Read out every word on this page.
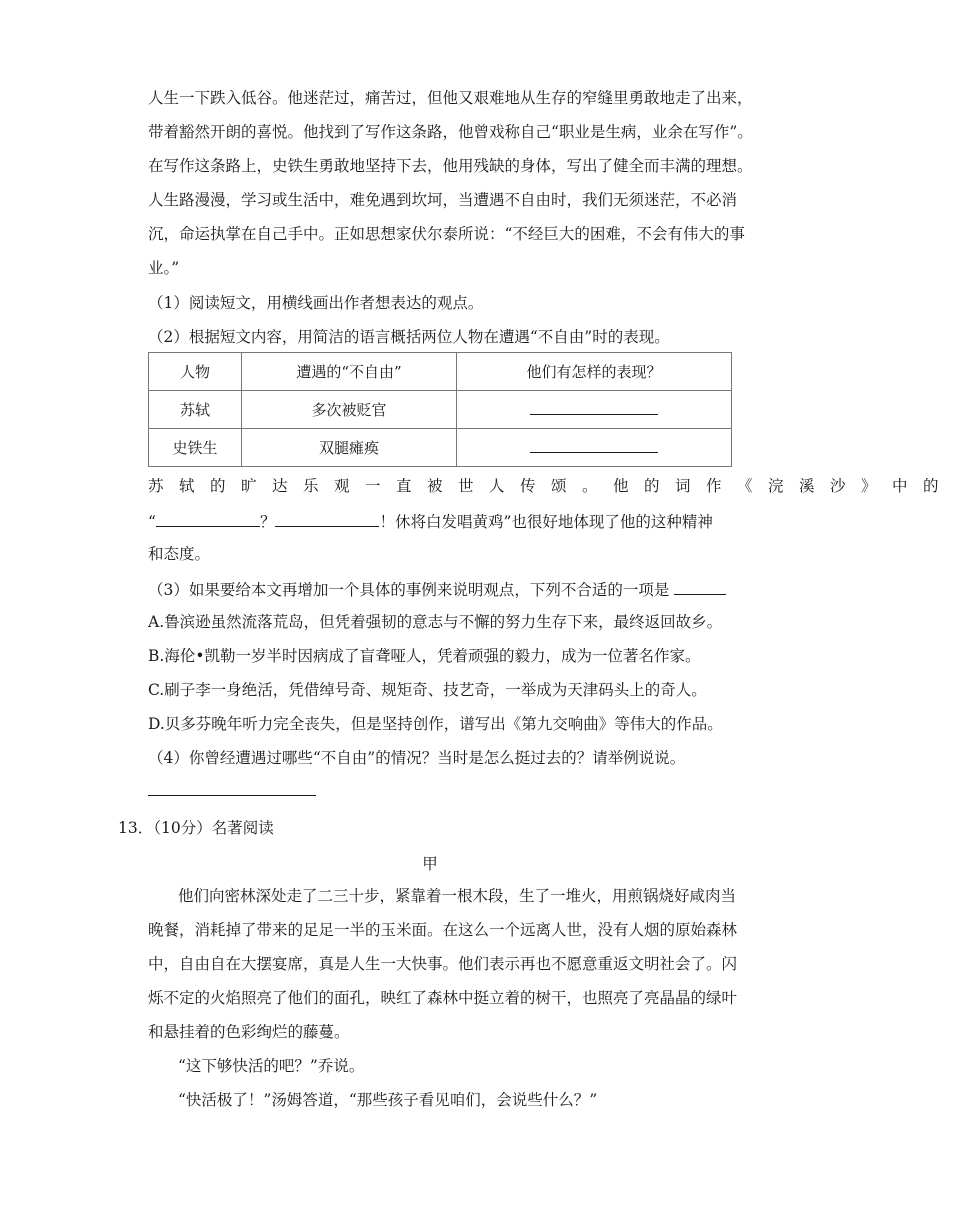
人生一下跌入低谷。他迷茫过，痛苦过，但他又艰难地从生存的窄缝里勇敢地走了出来，
带着豁然开朗的喜悦。他找到了写作这条路，他曾戏称自己“职业是生病，业余在写作”。
在写作这条路上，史铁生勇敢地坚持下去，他用残缺的身体，写出了健全而丰满的理想。
人生路漫漫，学习或生活中，难免遇到坎坷，当遭遇不自由时，我们无须迷茫，不必消
沉，命运执掌在自己手中。正如思想家伏尔泰所说：“不经巨大的困难，不会有伟大的事
业。”
（1）阅读短文，用横线画出作者想表达的观点。
（2）根据短文内容，用简洁的语言概括两位人物在遭遇“不自由”时的表现。
人物	遭遇的“不自由”	他们有怎样的表现？
苏轼	多次被贬官	
史铁生	双腿瘫痪	
苏轼的旷达乐观一直被世人传颂。他的词作《浣溪沙》中的
“	？	！休将白发唱黄鸡”也很好地体现了他的这种精神
和态度。
（3）如果要给本文再增加一个具体的事例来说明观点，下列不合适的一项是
A.鲁滨逊虽然流落荒岛，但凭着强韧的意志与不懈的努力生存下来，最终返回故乡。
B.海伦•凯勒一岁半时因病成了盲聋哑人，凭着顽强的毅力，成为一位著名作家。
C.刷子李一身绝活，凭借绰号奇、规矩奇、技艺奇，一举成为天津码头上的奇人。
D.贝多芬晚年听力完全丧失，但是坚持创作，谱写出《第九交响曲》等伟大的作品。
（4）你曾经遭遇过哪些“不自由”的情况？当时是怎么挺过去的？请举例说说。
13．（10分）名著阅读
甲
他们向密林深处走了二三十步，紧靠着一根木段，生了一堆火，用煎锅烧好咸肉当
晚餐，消耗掉了带来的足足一半的玉米面。在这么一个远离人世，没有人烟的原始森林
中，自由自在大摆宴席，真是人生一大快事。他们表示再也不愿意重返文明社会了。闪
烁不定的火焰照亮了他们的面孔，映红了森林中挺立着的树干，也照亮了亮晶晶的绿叶
和悬挂着的色彩绚烂的藤蔓。
“这下够快活的吧？”乔说。
“快活极了！”汤姆答道，“那些孩子看见咱们，会说些什么？”
